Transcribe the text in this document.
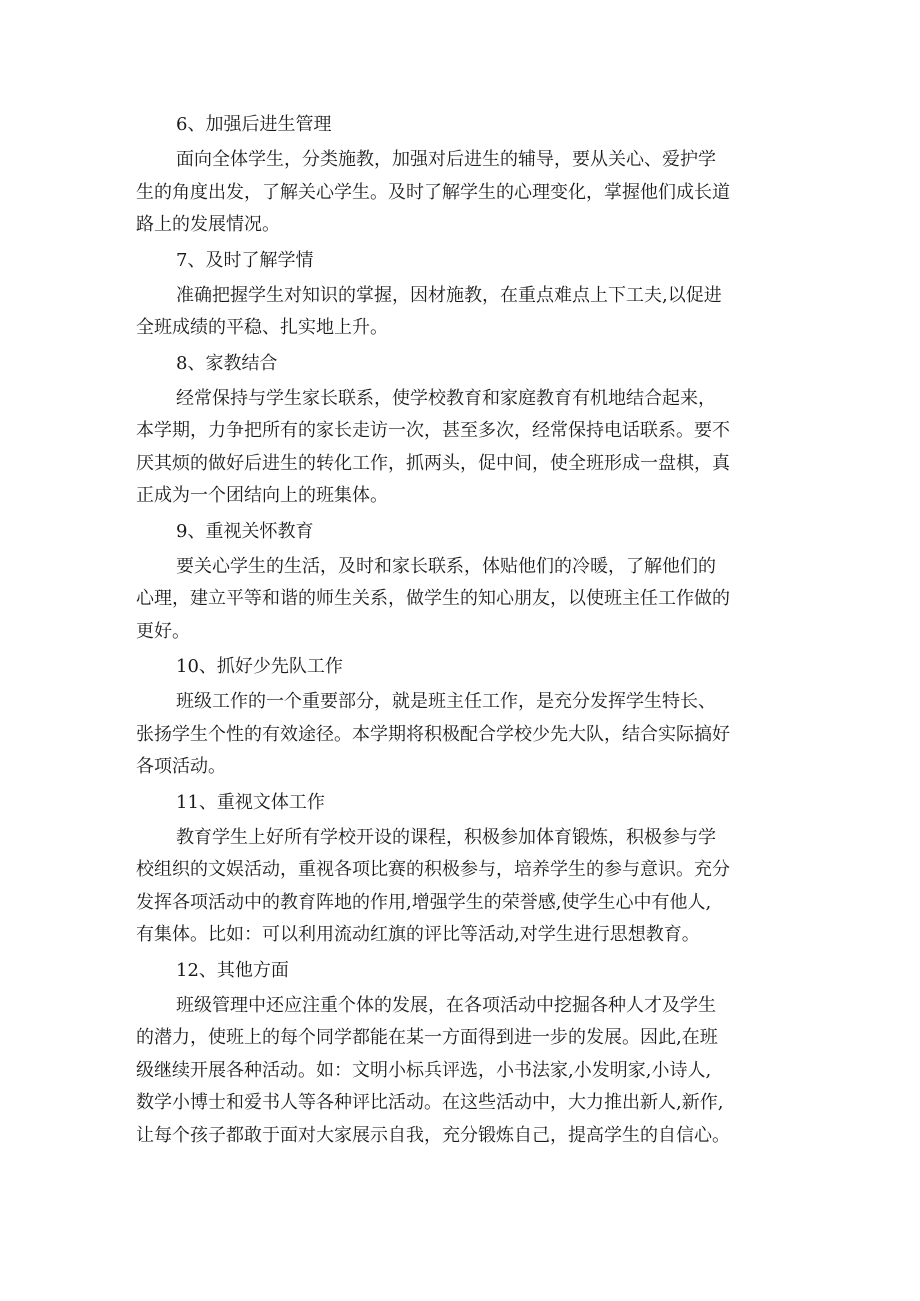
6、加强后进生管理

面向全体学生，分类施教，加强对后进生的辅导，要从关心、爱护学
生的角度出发，了解关心学生。及时了解学生的心理变化，掌握他们成长道
路上的发展情况。

7、及时了解学情

准确把握学生对知识的掌握，因材施教，在重点难点上下工夫,以促进
全班成绩的平稳、扎实地上升。

8、家教结合

经常保持与学生家长联系，使学校教育和家庭教育有机地结合起来，
本学期，力争把所有的家长走访一次，甚至多次，经常保持电话联系。要不
厌其烦的做好后进生的转化工作，抓两头，促中间，使全班形成一盘棋，真
正成为一个团结向上的班集体。

9、重视关怀教育

要关心学生的生活，及时和家长联系，体贴他们的冷暖，了解他们的
心理，建立平等和谐的师生关系，做学生的知心朋友，以使班主任工作做的
更好。

10、抓好少先队工作

班级工作的一个重要部分，就是班主任工作，是充分发挥学生特长、
张扬学生个性的有效途径。本学期将积极配合学校少先大队，结合实际搞好
各项活动。

11、重视文体工作

教育学生上好所有学校开设的课程，积极参加体育锻炼，积极参与学
校组织的文娱活动，重视各项比赛的积极参与，培养学生的参与意识。充分
发挥各项活动中的教育阵地的作用,增强学生的荣誉感,使学生心中有他人,
有集体。比如：可以利用流动红旗的评比等活动,对学生进行思想教育。

12、其他方面

班级管理中还应注重个体的发展，在各项活动中挖掘各种人才及学生
的潜力，使班上的每个同学都能在某一方面得到进一步的发展。因此,在班
级继续开展各种活动。如：文明小标兵评选，小书法家,小发明家,小诗人,
数学小博士和爱书人等各种评比活动。在这些活动中，大力推出新人,新作,
让每个孩子都敢于面对大家展示自我，充分锻炼自己，提高学生的自信心。
